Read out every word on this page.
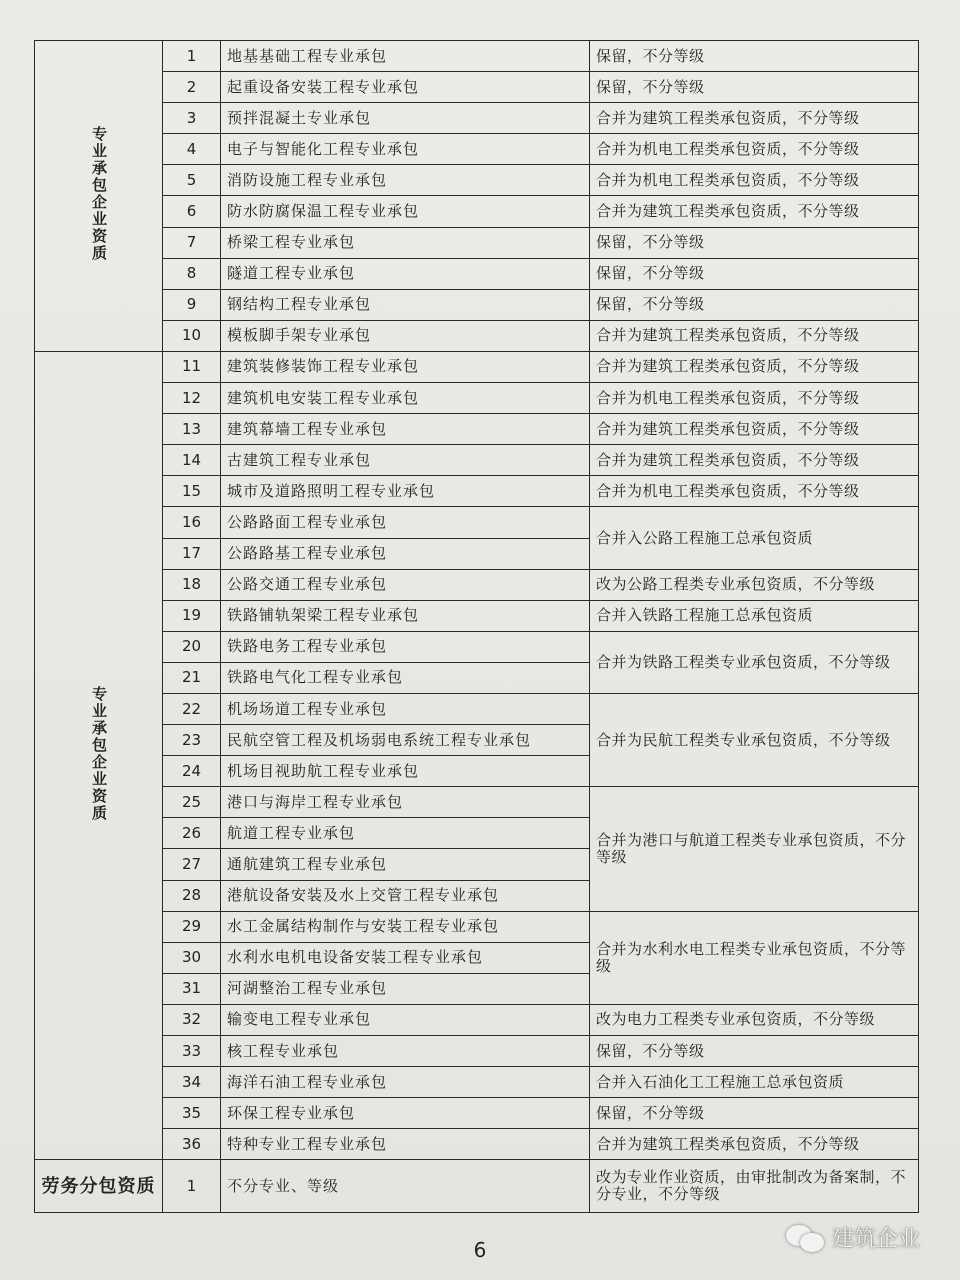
专业承包企业资质	1	地基基础工程专业承包	保留，不分等级
	2	起重设备安装工程专业承包	保留，不分等级
	3	预拌混凝土专业承包	合并为建筑工程类承包资质，不分等级
	4	电子与智能化工程专业承包	合并为机电工程类承包资质，不分等级
	5	消防设施工程专业承包	合并为机电工程类承包资质，不分等级
	6	防水防腐保温工程专业承包	合并为建筑工程类承包资质，不分等级
	7	桥梁工程专业承包	保留，不分等级
	8	隧道工程专业承包	保留，不分等级
	9	钢结构工程专业承包	保留，不分等级
	10	模板脚手架专业承包	合并为建筑工程类承包资质，不分等级
专业承包企业资质	11	建筑装修装饰工程专业承包	合并为建筑工程类承包资质，不分等级
	12	建筑机电安装工程专业承包	合并为机电工程类承包资质，不分等级
	13	建筑幕墙工程专业承包	合并为建筑工程类承包资质，不分等级
	14	古建筑工程专业承包	合并为建筑工程类承包资质，不分等级
	15	城市及道路照明工程专业承包	合并为机电工程类承包资质，不分等级
	16	公路路面工程专业承包	合并入公路工程施工总承包资质
	17	公路路基工程专业承包	
	18	公路交通工程专业承包	改为公路工程类专业承包资质，不分等级
	19	铁路铺轨架梁工程专业承包	合并入铁路工程施工总承包资质
	20	铁路电务工程专业承包	合并为铁路工程类专业承包资质，不分等级
	21	铁路电气化工程专业承包	
	22	机场场道工程专业承包	合并为民航工程类专业承包资质，不分等级
	23	民航空管工程及机场弱电系统工程专业承包	
	24	机场目视助航工程专业承包	
	25	港口与海岸工程专业承包	合并为港口与航道工程类专业承包资质，不分等级
	26	航道工程专业承包	
	27	通航建筑工程专业承包	
	28	港航设备安装及水上交管工程专业承包	
	29	水工金属结构制作与安装工程专业承包	合并为水利水电工程类专业承包资质，不分等级
	30	水利水电机电设备安装工程专业承包	
	31	河湖整治工程专业承包	
	32	输变电工程专业承包	改为电力工程类专业承包资质，不分等级
	33	核工程专业承包	保留，不分等级
	34	海洋石油工程专业承包	合并入石油化工工程施工总承包资质
	35	环保工程专业承包	保留，不分等级
	36	特种专业工程专业承包	合并为建筑工程类承包资质，不分等级
劳务分包资质	1	不分专业、等级	改为专业作业资质，由审批制改为备案制，不分专业，不分等级
6	建筑企业
